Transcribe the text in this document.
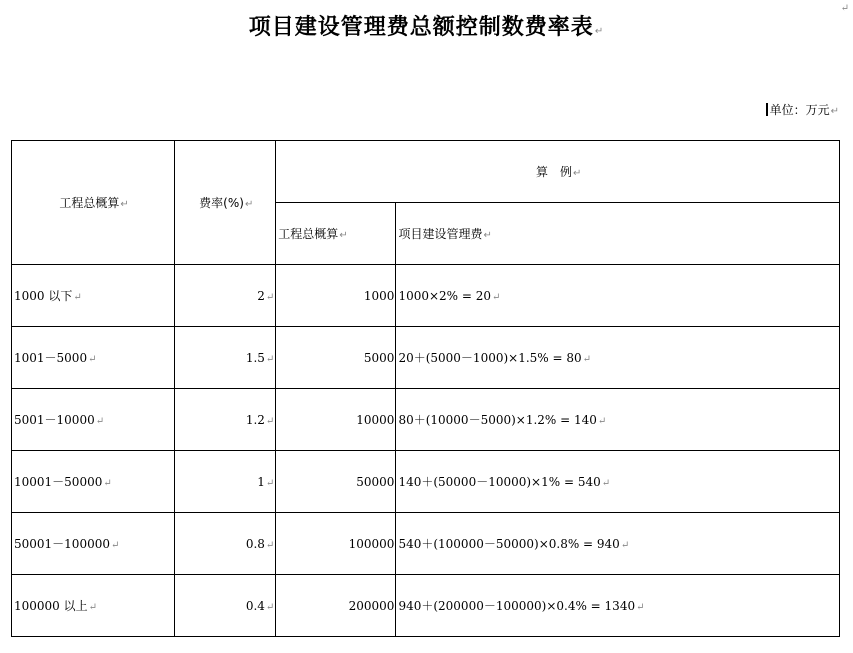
↵
项目建设管理费总额控制数费率表↵
单位：万元↵
工程总概算↵	费率(%)↵	算　例↵	
		工程总概算↵	项目建设管理费↵
1000 以下↵	2↵	1000	1000×2% = 20↵
1001－5000↵	1.5↵	5000	20＋(5000－1000)×1.5% = 80↵
5001－10000↵	1.2↵	10000	80＋(10000－5000)×1.2% = 140↵
10001－50000↵	1↵	50000	140＋(50000－10000)×1% = 540↵
50001－100000↵	0.8↵	100000	540＋(100000－50000)×0.8% = 940↵
100000 以上↵	0.4↵	200000	940＋(200000－100000)×0.4% = 1340↵
